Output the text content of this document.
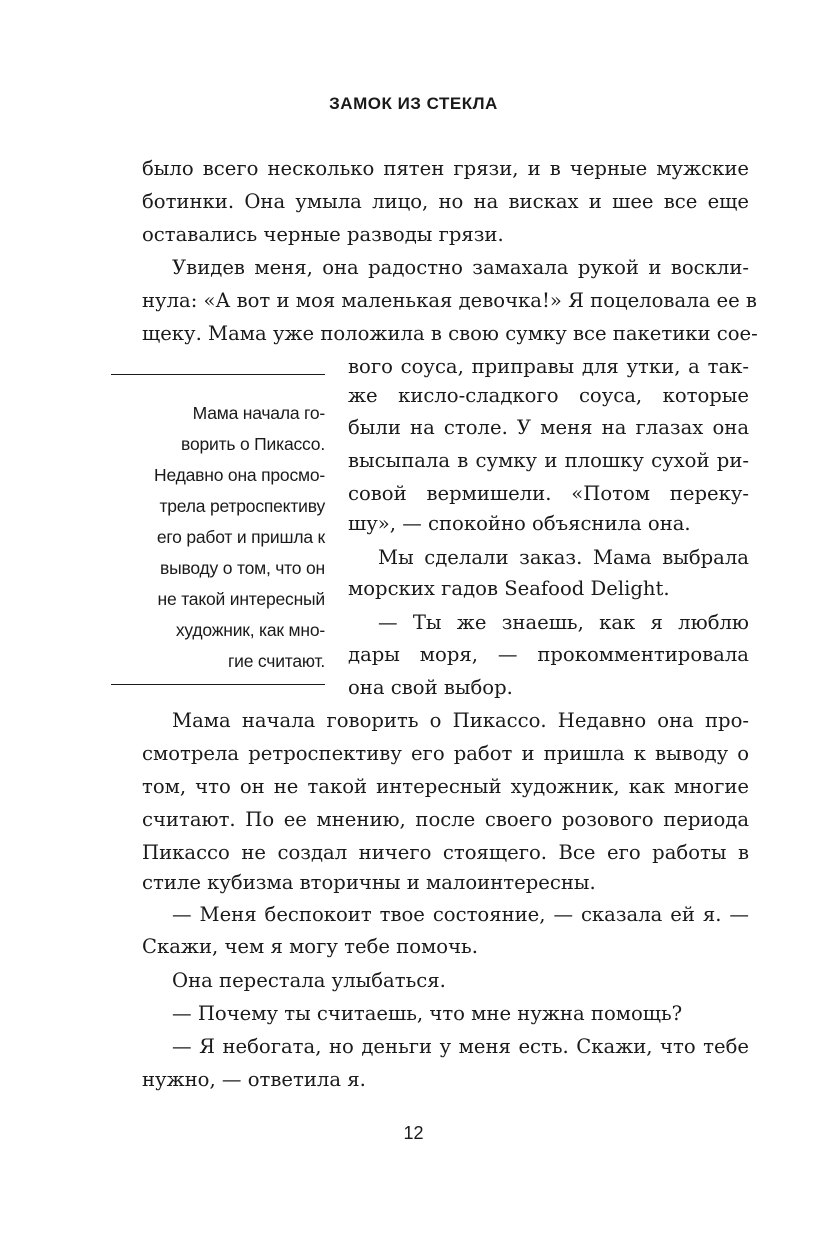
ЗАМОК ИЗ СТЕКЛА
было всего несколько пятен грязи, и в черные мужские
ботинки. Она умыла лицо, но на висках и шее все еще
оставались черные разводы грязи.
Увидев меня, она радостно замахала рукой и воскли-
нула: «А вот и моя маленькая девочка!» Я поцеловала ее в
щеку. Мама уже положила в свою сумку все пакетики сое-
вого соуса, приправы для утки, а так-
же кисло-сладкого соуса, которые
были на столе. У меня на глазах она
высыпала в сумку и плошку сухой ри-
совой вермишели. «Потом переку-
шу», — спокойно объяснила она.
Мы сделали заказ. Мама выбрала
морских гадов Seafood Delight.
— Ты же знаешь, как я люблю
дары моря, — прокомментировала
она свой выбор.
Мама начала го-
ворить о Пикассо.
Недавно она просмо-
трела ретроспективу
его работ и пришла к
выводу о том, что он
не такой интересный
художник, как мно-
гие считают.
Мама начала говорить о Пикассо. Недавно она про-
смотрела ретроспективу его работ и пришла к выводу о
том, что он не такой интересный художник, как многие
считают. По ее мнению, после своего розового периода
Пикассо не создал ничего стоящего. Все его работы в
стиле кубизма вторичны и малоинтересны.
— Меня беспокоит твое состояние, — сказала ей я. —
Скажи, чем я могу тебе помочь.
Она перестала улыбаться.
— Почему ты считаешь, что мне нужна помощь?
— Я небогата, но деньги у меня есть. Скажи, что тебе
нужно, — ответила я.
12
